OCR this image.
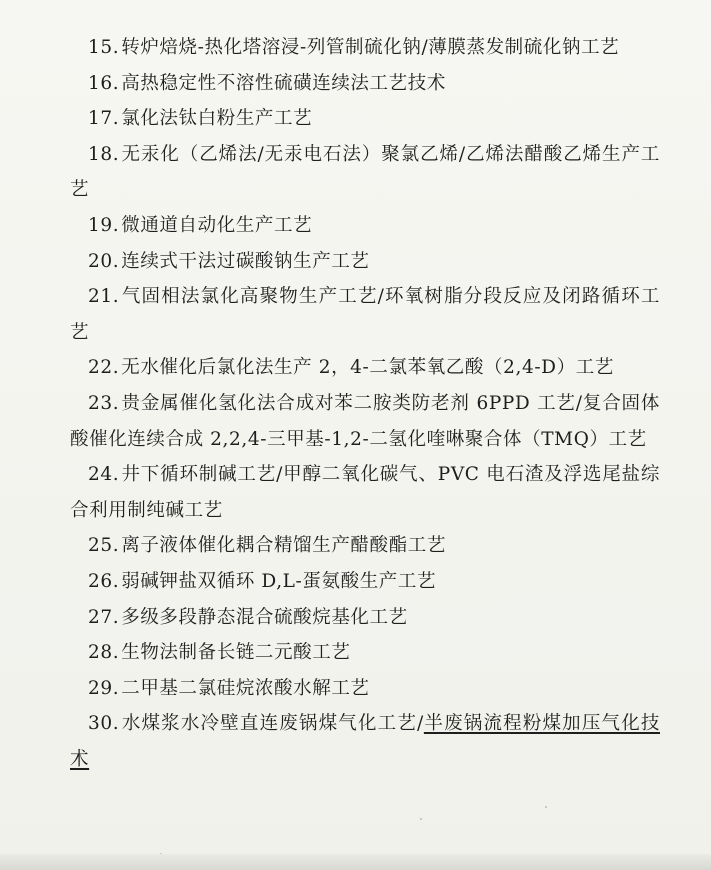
15. 转炉焙烧-热化塔溶浸-列管制硫化钠/薄膜蒸发制硫化钠工艺

16. 高热稳定性不溶性硫磺连续法工艺技术

17. 氯化法钛白粉生产工艺

18. 无汞化（乙烯法/无汞电石法）聚氯乙烯/乙烯法醋酸乙烯生产工艺

19. 微通道自动化生产工艺

20. 连续式干法过碳酸钠生产工艺

21. 气固相法氯化高聚物生产工艺/环氧树脂分段反应及闭路循环工艺

22. 无水催化后氯化法生产 2，4-二氯苯氧乙酸（2,4-D）工艺

23. 贵金属催化氢化法合成对苯二胺类防老剂 6PPD 工艺/复合固体酸催化连续合成 2,2,4-三甲基-1,2-二氢化喹啉聚合体（TMQ）工艺

24. 井下循环制碱工艺/甲醇二氧化碳气、PVC 电石渣及浮选尾盐综合利用制纯碱工艺

25. 离子液体催化耦合精馏生产醋酸酯工艺

26. 弱碱钾盐双循环 D,L-蛋氨酸生产工艺

27. 多级多段静态混合硫酸烷基化工艺

28. 生物法制备长链二元酸工艺

29. 二甲基二氯硅烷浓酸水解工艺

30. 水煤浆水冷壁直连废锅煤气化工艺/半废锅流程粉煤加压气化技术
